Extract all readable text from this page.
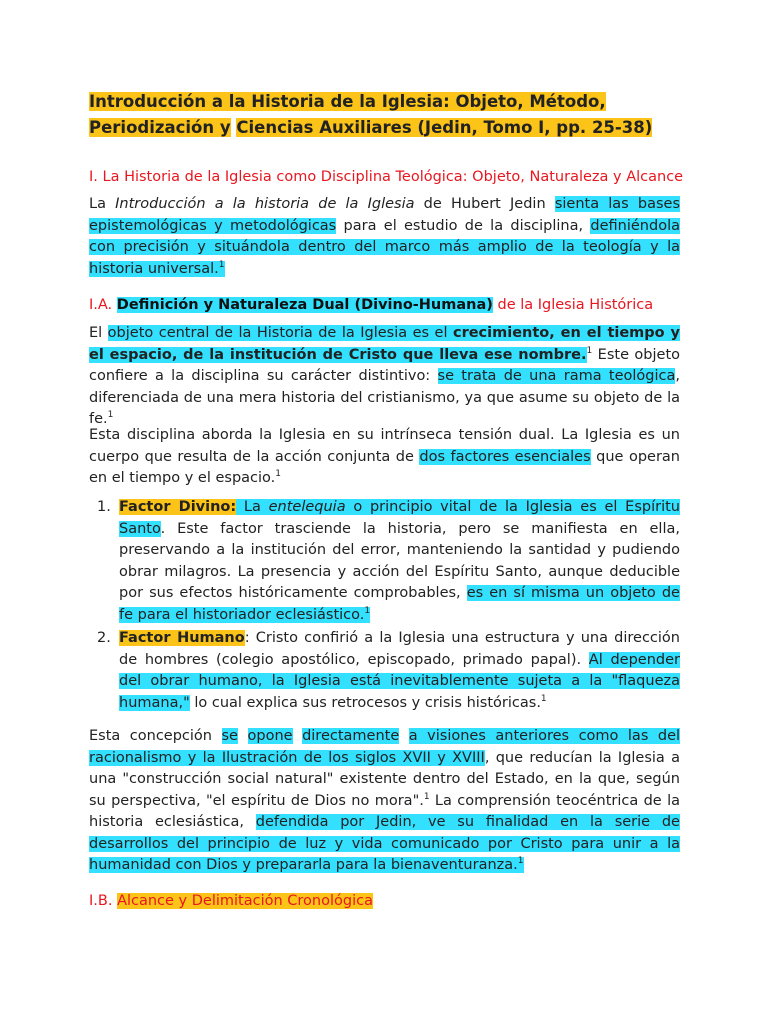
Introducción a la Historia de la Iglesia: Objeto, Método, Periodización y Ciencias Auxiliares (Jedin, Tomo I, pp. 25-38)
I. La Historia de la Iglesia como Disciplina Teológica: Objeto, Naturaleza y Alcance

La Introducción a la historia de la Iglesia de Hubert Jedin sienta las bases epistemológicas y metodológicas para el estudio de la disciplina, definiéndola con precisión y situándola dentro del marco más amplio de la teología y la historia universal.$^1$

I.A. Definición y Naturaleza Dual (Divino-Humana) de la Iglesia Histórica

El objeto central de la Historia de la Iglesia es el crecimiento, en el tiempo y el espacio, de la institución de Cristo que lleva ese nombre.$^1$ Este objeto confiere a la disciplina su carácter distintivo: se trata de una rama teológica, diferenciada de una mera historia del cristianismo, ya que asume su objeto de la fe.$^1$

Esta disciplina aborda la Iglesia en su intrínseca tensión dual. La Iglesia es un cuerpo que resulta de la acción conjunta de dos factores esenciales que operan en el tiempo y el espacio.$^1$

1. Factor Divino: La entelequia o principio vital de la Iglesia es el Espíritu Santo. Este factor trasciende la historia, pero se manifiesta en ella, preservando a la institución del error, manteniendo la santidad y pudiendo obrar milagros. La presencia y acción del Espíritu Santo, aunque deducible por sus efectos históricamente comprobables, es en sí misma un objeto de fe para el historiador eclesiástico.$^1$
2. Factor Humano: Cristo confirió a la Iglesia una estructura y una dirección de hombres (colegio apostólico, episcopado, primado papal). Al depender del obrar humano, la Iglesia está inevitablemente sujeta a la "flaqueza humana," lo cual explica sus retrocesos y crisis históricas.$^1$

Esta concepción se opone directamente a visiones anteriores como las del racionalismo y la Ilustración de los siglos XVII y XVIII, que reducían la Iglesia a una "construcción social natural" existente dentro del Estado, en la que, según su perspectiva, "el espíritu de Dios no mora".$^1$ La comprensión teocéntrica de la historia eclesiástica, defendida por Jedin, ve su finalidad en la serie de desarrollos del principio de luz y vida comunicado por Cristo para unir a la humanidad con Dios y prepararla para la bienaventuranza.$^1$

I.B. Alcance y Delimitación Cronológica
